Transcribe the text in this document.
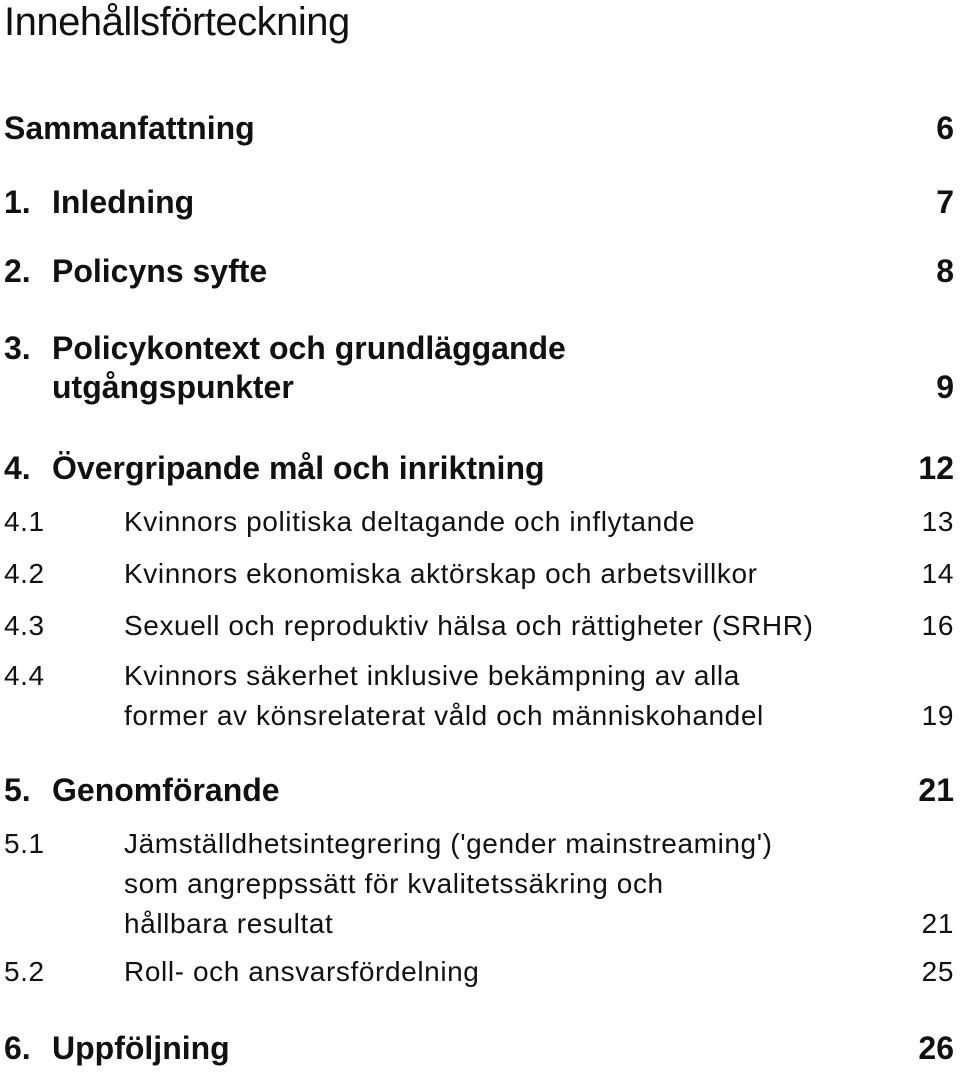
Innehållsförteckning
Sammanfattning	6
1. Inledning	7
2. Policyns syfte	8
3. Policykontext och grundläggande
utgångspunkter	9
4. Övergripande mål och inriktning	12
4.1	Kvinnors politiska deltagande och inflytande	13
4.2	Kvinnors ekonomiska aktörskap och arbetsvillkor	14
4.3	Sexuell och reproduktiv hälsa och rättigheter (SRHR)	16
4.4	Kvinnors säkerhet inklusive bekämpning av alla
former av könsrelaterat våld och människohandel	19
5. Genomförande	21
5.1	Jämställdhetsintegrering ('gender mainstreaming')
som angreppssätt för kvalitetssäkring och
hållbara resultat	21
5.2	Roll- och ansvarsfördelning	25
6. Uppföljning	26
